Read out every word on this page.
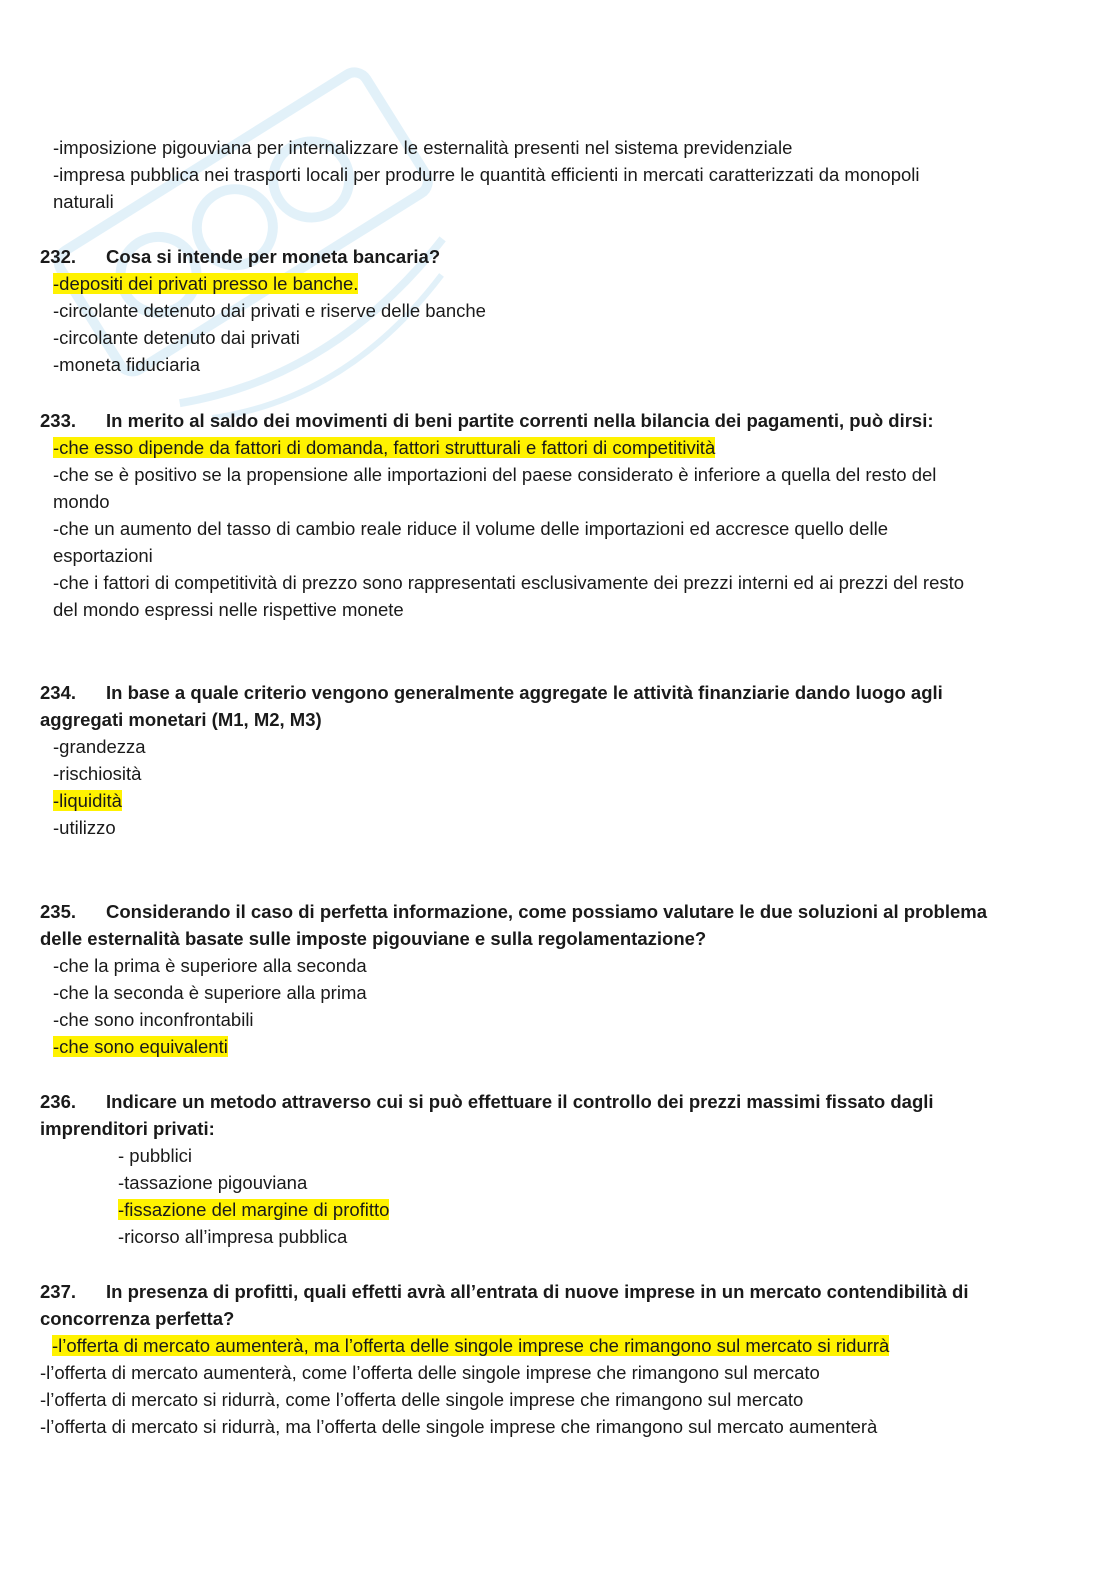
-imposizione pigouviana per internalizzare le esternalità presenti nel sistema previdenziale
-impresa pubblica nei trasporti locali per produrre le quantità efficienti in mercati caratterizzati da monopoli
naturali
232. Cosa si intende per moneta bancaria?
-depositi dei privati presso le banche.
-circolante detenuto dai privati e riserve delle banche
-circolante detenuto dai privati
-moneta fiduciaria
233. In merito al saldo dei movimenti di beni partite correnti nella bilancia dei pagamenti, può dirsi:
-che esso dipende da fattori di domanda, fattori strutturali e fattori di competitività
-che se è positivo se la propensione alle importazioni del paese considerato è inferiore a quella del resto del
mondo
-che un aumento del tasso di cambio reale riduce il volume delle importazioni ed accresce quello delle
esportazioni
-che i fattori di competitività di prezzo sono rappresentati esclusivamente dei prezzi interni ed ai prezzi del resto
del mondo espressi nelle rispettive monete
234. In base a quale criterio vengono generalmente aggregate le attività finanziarie dando luogo agli
aggregati monetari (M1, M2, M3)
-grandezza
-rischiosità
-liquidità
-utilizzo
235. Considerando il caso di perfetta informazione, come possiamo valutare le due soluzioni al problema
delle esternalità basate sulle imposte pigouviane e sulla regolamentazione?
-che la prima è superiore alla seconda
-che la seconda è superiore alla prima
-che sono inconfrontabili
-che sono equivalenti
236. Indicare un metodo attraverso cui si può effettuare il controllo dei prezzi massimi fissato dagli
imprenditori privati:
- pubblici
-tassazione pigouviana
-fissazione del margine di profitto
-ricorso all’impresa pubblica
237. In presenza di profitti, quali effetti avrà all’entrata di nuove imprese in un mercato contendibilità di
concorrenza perfetta?
-l’offerta di mercato aumenterà, ma l’offerta delle singole imprese che rimangono sul mercato si ridurrà
-l’offerta di mercato aumenterà, come l’offerta delle singole imprese che rimangono sul mercato
-l’offerta di mercato si ridurrà, come l’offerta delle singole imprese che rimangono sul mercato
-l’offerta di mercato si ridurrà, ma l’offerta delle singole imprese che rimangono sul mercato aumenterà
